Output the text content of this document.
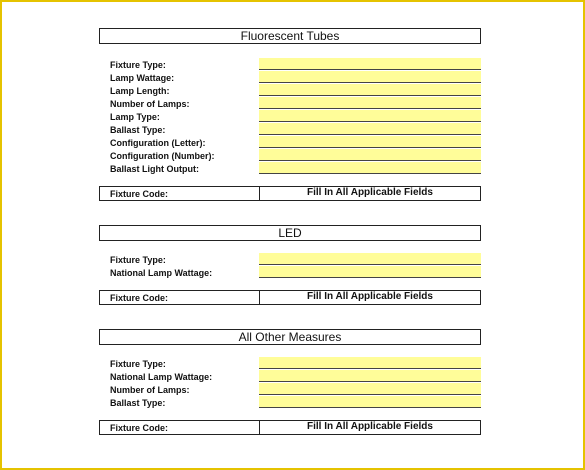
Fluorescent Tubes
Fixture Type:
Lamp Wattage:
Lamp Length:
Number of Lamps:
Lamp Type:
Ballast Type:
Configuration (Letter):
Configuration (Number):
Ballast Light Output:
Fixture Code:	Fill In All Applicable Fields
LED
Fixture Type:
National Lamp Wattage:
Fixture Code:	Fill In All Applicable Fields
All Other Measures
Fixture Type:
National Lamp Wattage:
Number of Lamps:
Ballast Type:
Fixture Code:	Fill In All Applicable Fields
